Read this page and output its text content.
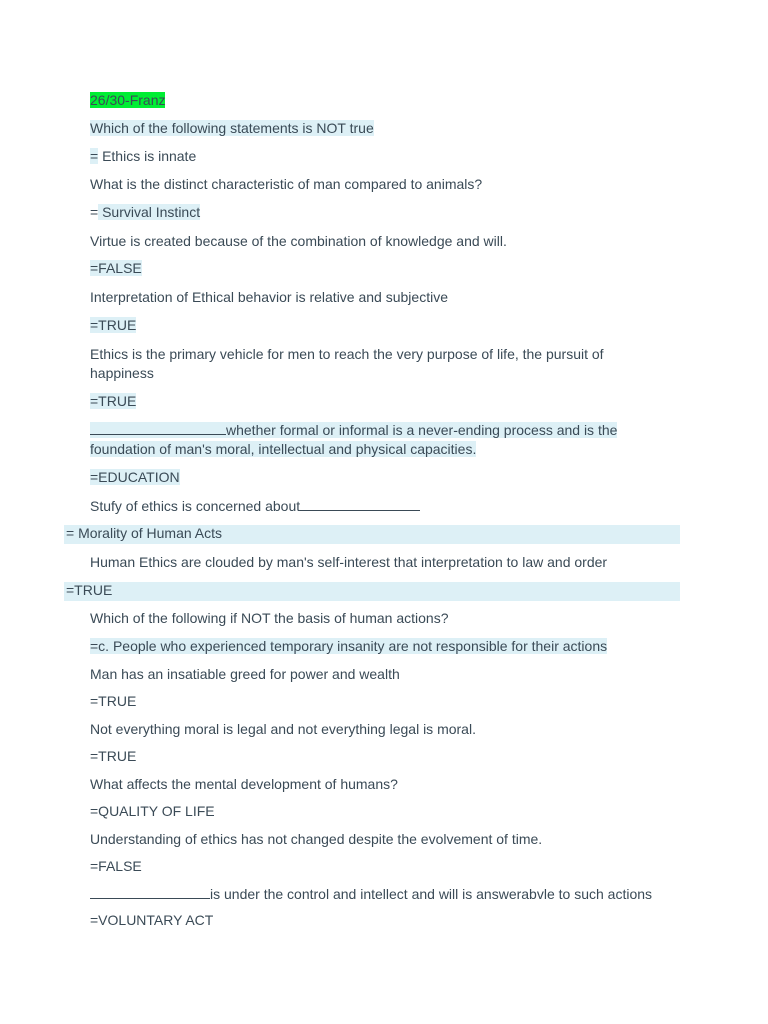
26/30-Franz
Which of the following statements is NOT true
= Ethics is innate
What is the distinct characteristic of man compared to animals?
= Survival Instinct
Virtue is created because of the combination of knowledge and will.
=FALSE
Interpretation of Ethical behavior is relative and subjective
=TRUE
Ethics is the primary vehicle for men to reach the very purpose of life, the pursuit of happiness
=TRUE
whether formal or informal is a never-ending process and is the foundation of man's moral, intellectual and physical capacities.
=EDUCATION
Stufy of ethics is concerned about
= Morality of Human Acts
Human Ethics are clouded by man's self-interest that interpretation to law and order
=TRUE
Which of the following if NOT the basis of human actions?
=c. People who experienced temporary insanity are not responsible for their actions
Man has an insatiable greed for power and wealth
=TRUE
Not everything moral is legal and not everything legal is moral.
=TRUE
What affects the mental development of humans?
=QUALITY OF LIFE
Understanding of ethics has not changed despite the evolvement of time.
=FALSE
is under the control and intellect and will is answerabvle to such actions
=VOLUNTARY ACT
